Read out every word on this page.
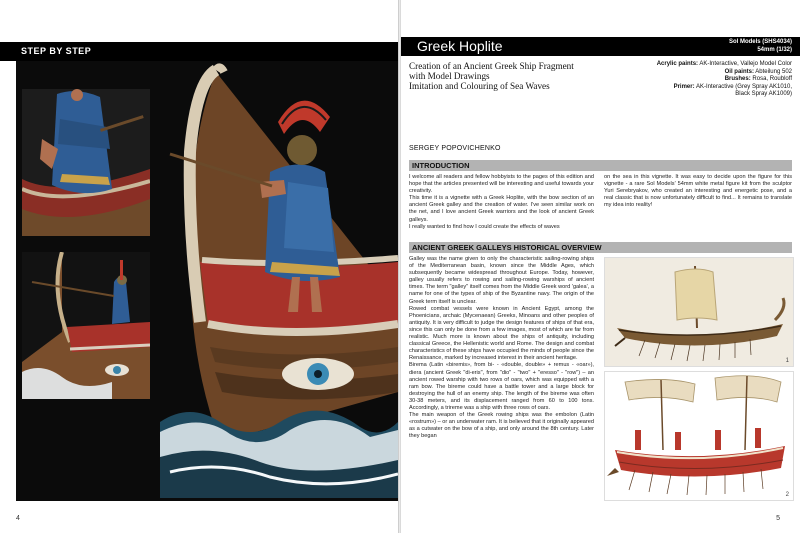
STEP BY STEP
4
Greek Hoplite	Sol Models (SHS4034)
54mm (1/32)
Creation of an Ancient Greek Ship Fragment
with Model Drawings
Imitation and Colouring of Sea Waves
Acrylic paints: AK-Interactive, Vallejo Model Color
Oil paints: Abteilung 502
Brushes: Rosa, Roubloff
Primer: AK-Interactive (Grey Spray AK1010,
Black Spray AK1009)
SERGEY POPOVICHENKO
INTRODUCTION

I welcome all readers and fellow hobbyists to the pages of this edition and hope that the articles presented will be interesting and useful towards your creativity.

This time it is a vignette with a Greek Hoplite, with the bow section of an ancient Greek galley and the creation of water. I've seen similar work on the net, and I love ancient Greek warriors and the look of ancient Greek galleys.

I really wanted to find how I could create the effects of waves

on the sea in this vignette. It was easy to decide upon the figure for this vignette - a rare Sol Models' 54mm white metal figure kit from the sculptor Yuri Serebryakov, who created an interesting and energetic pose, and a real classic that is now unfortunately difficult to find... It remains to translate my idea into reality!

ANCIENT GREEK GALLEYS HISTORICAL OVERVIEW

Galley was the name given to only the characteristic sailing-rowing ships of the Mediterranean basin, known since the Middle Ages, which subsequently became widespread throughout Europe. Today, however, galley usually refers to rowing and sailing-rowing warships of ancient times. The term "galley" itself comes from the Middle Greek word 'galea', a name for one of the types of ship of the Byzantine navy. The origin of the Greek term itself is unclear.

Rowed combat vessels were known in Ancient Egypt, among the Phoenicians, archaic (Mycenaean) Greeks, Minoans and other peoples of antiquity. It is very difficult to judge the design features of ships of that era, since this can only be done from a few images, most of which are far from realistic. Much more is known about the ships of antiquity, including classical Greece, the Hellenistic world and Rome. The design and combat characteristics of these ships have occupied the minds of people since the Renaissance, marked by increased interest in their ancient heritage.

Birema (Latin «biremis», from bi- - «double, double» + remus - «oar»), diera (ancient Greek "di-eris", from "dio" - "two" + "eresso" - "row") – an ancient rowed warship with two rows of oars, which was equipped with a ram bow. The bireme could have a battle tower and a large block for destroying the hull of an enemy ship. The length of the bireme was often 30-38 meters, and its displacement ranged from 60 to 100 tons. Accordingly, a trireme was a ship with three rows of oars.

The main weapon of the Greek rowing ships was the embolon (Latin «rostrum») – or an underwater ram. It is believed that it originally appeared as a cutwater on the bow of a ship, and only around the 8th century. Later they began

1
2
5
